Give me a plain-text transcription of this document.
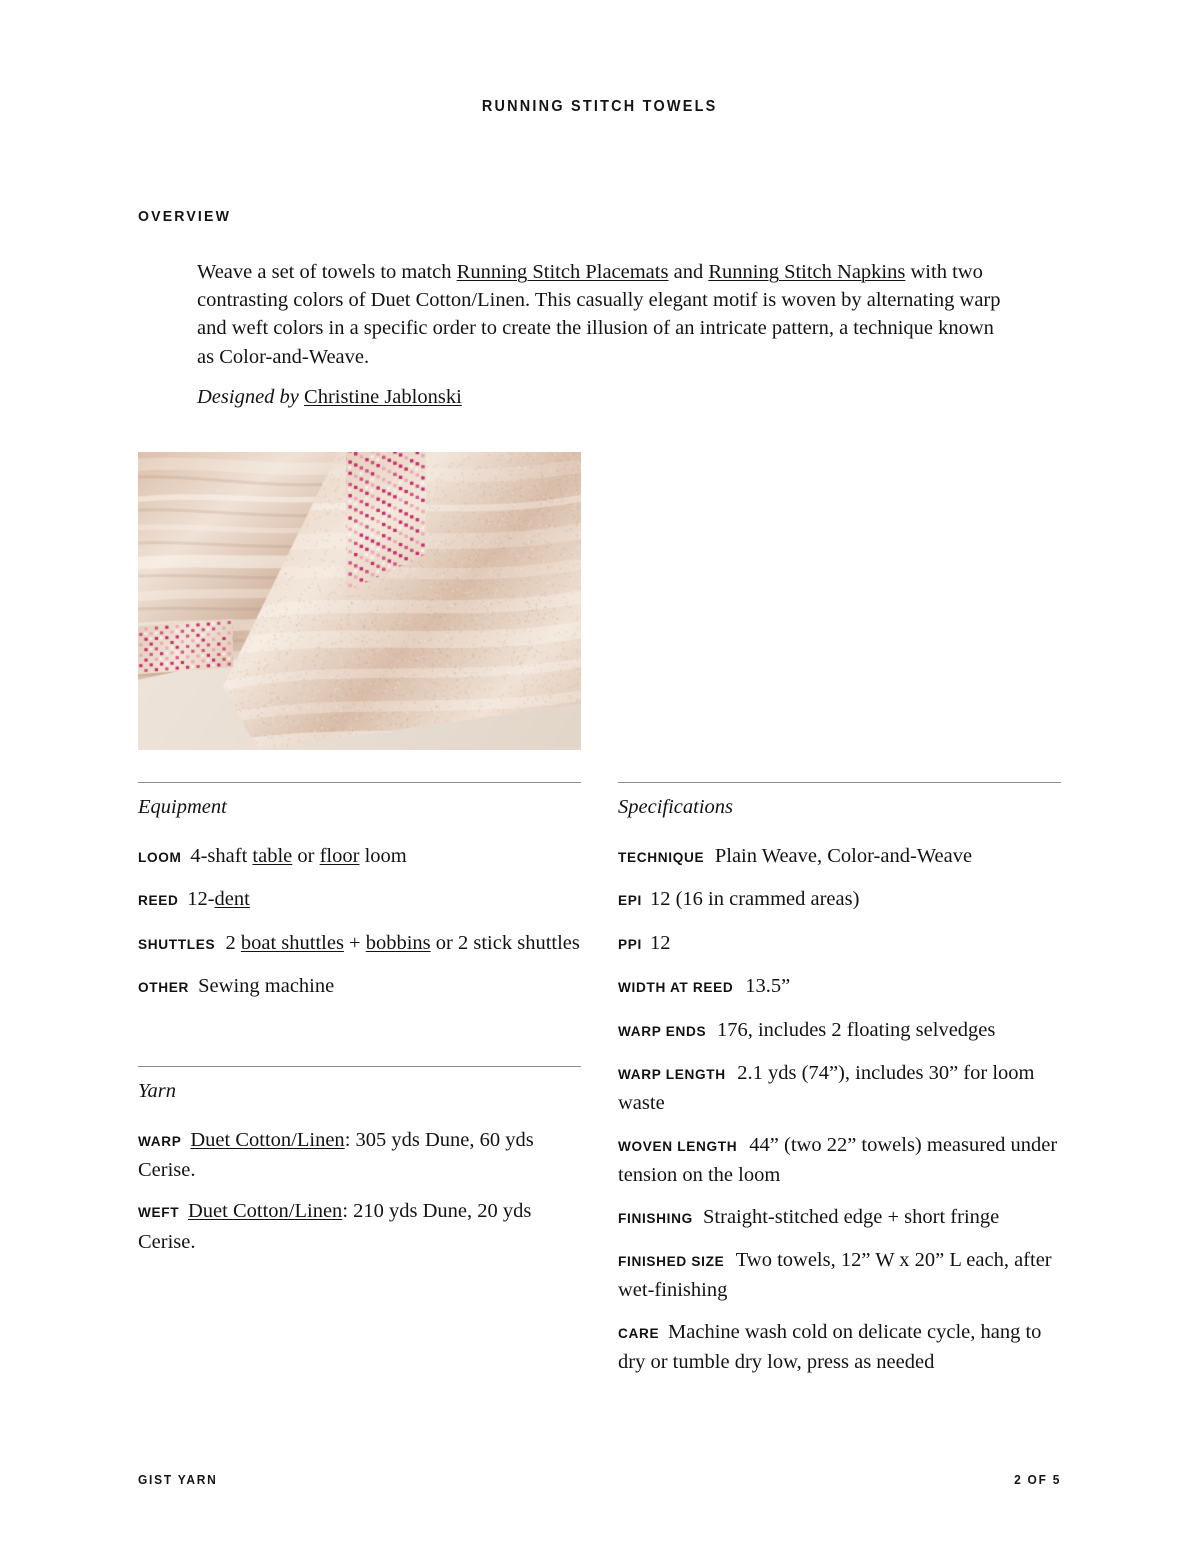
RUNNING STITCH TOWELS
OVERVIEW

Weave a set of towels to match Running Stitch Placemats and Running Stitch Napkins with two contrasting colors of Duet Cotton/Linen. This casually elegant motif is woven by alternating warp and weft colors in a specific order to create the illusion of an intricate pattern, a technique known as Color-and-Weave.

Designed by Christine Jablonski
Equipment
LOOM 4-shaft table or floor loom
REED 12-dent
SHUTTLES 2 boat shuttles + bobbins or 2 stick shuttles
OTHER Sewing machine
Yarn
WARP Duet Cotton/Linen: 305 yds Dune, 60 yds Cerise.
WEFT Duet Cotton/Linen: 210 yds Dune, 20 yds Cerise.
Specifications
TECHNIQUE Plain Weave, Color-and-Weave
EPI 12 (16 in crammed areas)
PPI 12
WIDTH AT REED 13.5”
WARP ENDS 176, includes 2 floating selvedges
WARP LENGTH 2.1 yds (74”), includes 30” for loom waste
WOVEN LENGTH 44” (two 22” towels) measured under tension on the loom
FINISHING Straight-stitched edge + short fringe
FINISHED SIZE Two towels, 12” W x 20” L each, after wet-finishing
CARE Machine wash cold on delicate cycle, hang to dry or tumble dry low, press as needed
GIST YARN	2 OF 5
